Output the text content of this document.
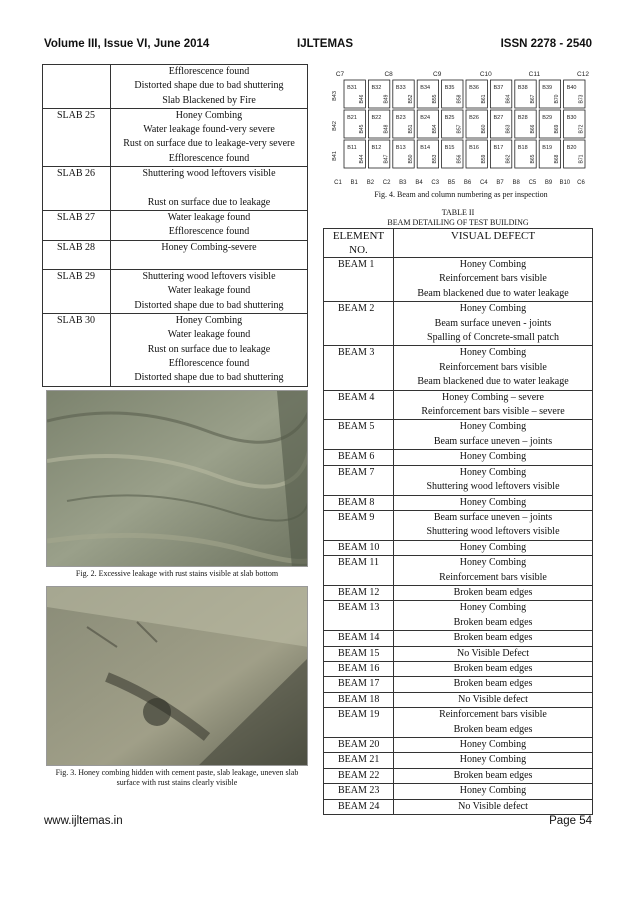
Volume III, Issue VI, June 2014	IJLTEMAS	ISSN 2278 - 2540

	Efflorescence found
Distorted shape due to bad shuttering
Slab Blackened by Fire

SLAB 25	Honey Combing
Water leakage found-very severe
Rust on surface due to leakage-very severe
Efflorescence found

SLAB 26	Shuttering wood leftovers visible

Rust on surface due to leakage

SLAB 27	Water leakage found
Efflorescence found

SLAB 28	Honey Combing-severe

SLAB 29	Shuttering wood leftovers visible
Water leakage found
Distorted shape due to bad shuttering

SLAB 30	Honey Combing
Water leakage found
Rust on surface due to leakage
Efflorescence found
Distorted shape due to bad shuttering
Fig. 2. Excessive leakage with rust stains visible at slab bottom
Fig. 3. Honey combing hidden with cement paste, slab leakage, uneven slab surface with rust stains clearly visible
C7	C8	C9	C10	C11	C12
B31
B46
B32
B49
B33
B52
B34
B55
B35
B58
B36
B61
B37
B64
B38
B67
B39
B70
B40
B73
B21
B45
B22
B48
B23
B51
B24
B54
B25
B57
B26
B60
B27
B63
B28
B66
B29
B69
B30
B72
B11
B44
B12
B47
B13
B50
B14
B53
B15
B56
B16
B59
B17
B62
B18
B65
B19
B68
B20
B71
B43
B42
B41
C1 B1 B2 C2 B3 B4 C3 B5 B6 C4 B7 B8 C5 B9 B10 C6
Fig. 4. Beam and column numbering as per inspection
TABLE II
BEAM DETAILING OF TEST BUILDING
ELEMENT NO.	VISUAL DEFECT
BEAM 1	Honey Combing
Reinforcement bars visible
Beam blackened due to water leakage

BEAM 2	Honey Combing
Beam surface uneven - joints
Spalling of Concrete-small patch

BEAM 3	Honey Combing
Reinforcement bars visible
Beam blackened due to water leakage

BEAM 4	Honey Combing – severe
Reinforcement bars visible – severe

BEAM 5	Honey Combing
Beam surface uneven – joints

BEAM 6	Honey Combing

BEAM 7	Honey Combing
Shuttering wood leftovers visible

BEAM 8	Honey Combing

BEAM 9	Beam surface uneven – joints
Shuttering wood leftovers visible

BEAM 10	Honey Combing

BEAM 11	Honey Combing
Reinforcement bars visible

BEAM 12	Broken beam edges

BEAM 13	Honey Combing
Broken beam edges

BEAM 14	Broken beam edges

BEAM 15	No Visible Defect

BEAM 16	Broken beam edges

BEAM 17	Broken beam edges

BEAM 18	No Visible defect

BEAM 19	Reinforcement bars visible
Broken beam edges

BEAM 20	Honey Combing

BEAM 21	Honey Combing

BEAM 22	Broken beam edges

BEAM 23	Honey Combing

BEAM 24	No Visible defect
www.ijltemas.in	Page 54
